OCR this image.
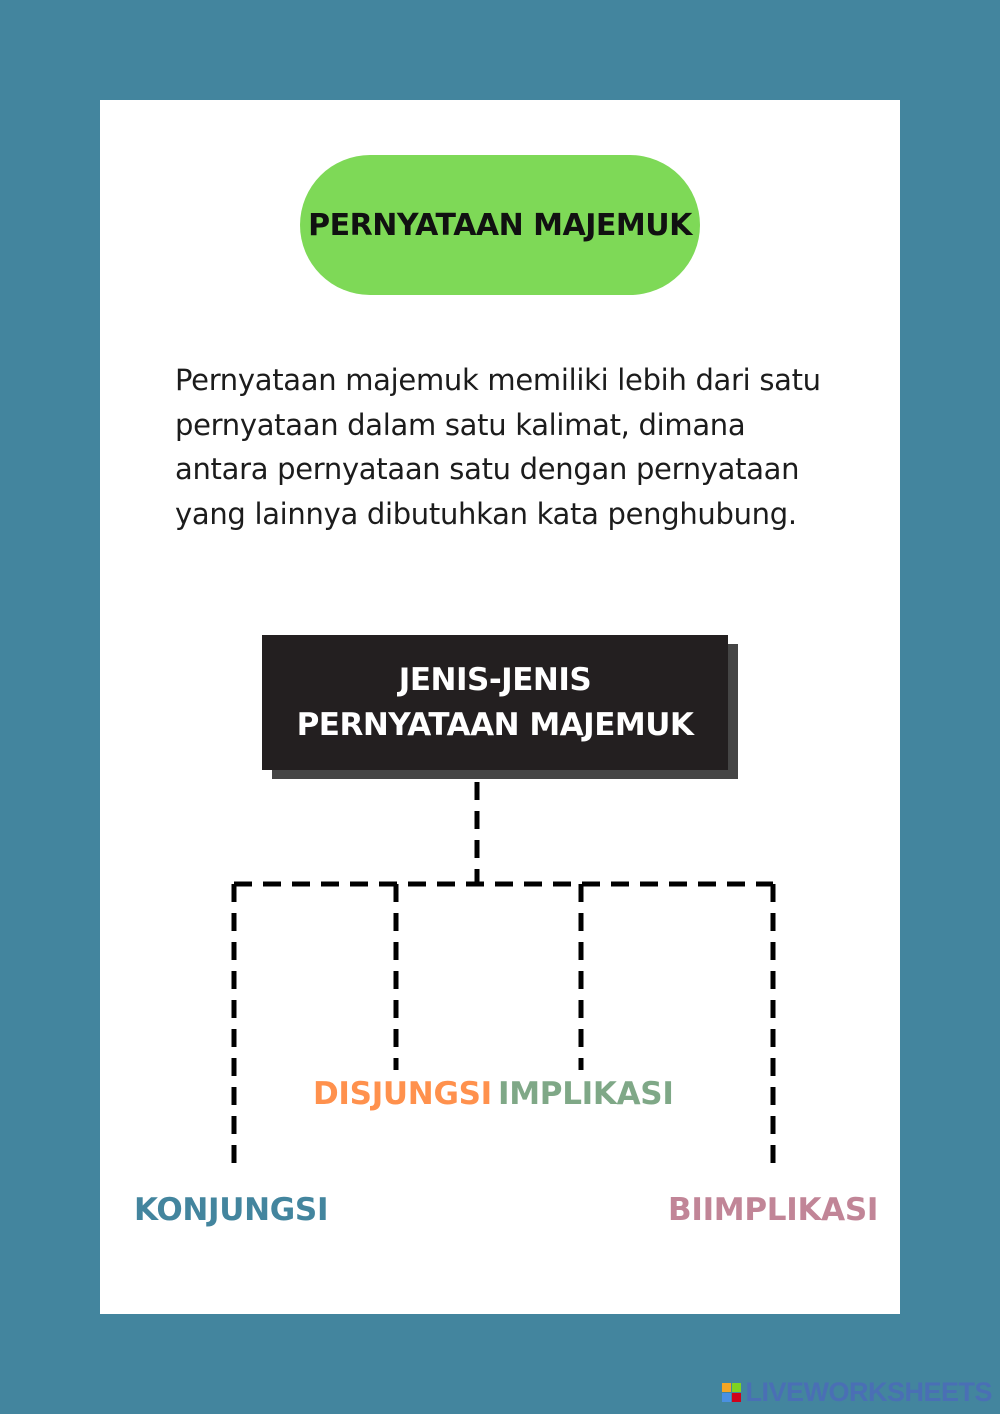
PERNYATAAN MAJEMUK

Pernyataan majemuk memiliki lebih dari satu pernyataan dalam satu kalimat, dimana antara pernyataan satu dengan pernyataan yang lainnya dibutuhkan kata penghubung.

JENIS-JENIS
PERNYATAAN MAJEMUK
KONJUNGSI
DISJUNGSI IMPLIKASI
BIIMPLIKASI
LIVEWORKSHEETS
